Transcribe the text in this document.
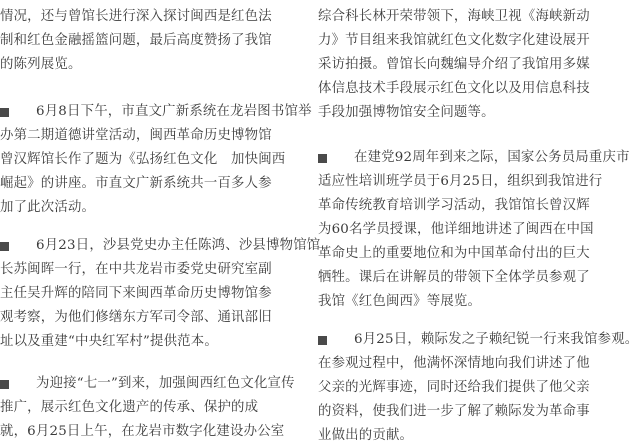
情况，还与曾馆长进行深入探讨闽西是红色法
制和红色金融摇篮问题，最后高度赞扬了我馆
的陈列展览。
6月8日下午，市直文广新系统在龙岩图书馆举
办第二期道德讲堂活动，闽西革命历史博物馆
曾汉辉馆长作了题为《弘扬红色文化　加快闽西
崛起》的讲座。市直文广新系统共一百多人参
加了此次活动。
6月23日，沙县党史办主任陈鸿、沙县博物馆馆
长苏闽晖一行，在中共龙岩市委党史研究室副
主任吴升辉的陪同下来闽西革命历史博物馆参
观考察，为他们修缮东方军司令部、通讯部旧
址以及重建“中央红军村”提供范本。
为迎接“七一”到来，加强闽西红色文化宣传
推广，展示红色文化遗产的传承、保护的成
就，6月25日上午，在龙岩市数字化建设办公室
综合科长林开荣带领下，海峡卫视《海峡新动
力》节目组来我馆就红色文化数字化建设展开
采访拍摄。曾馆长向魏编导介绍了我馆用多媒
体信息技术手段展示红色文化以及用信息科技
手段加强博物馆安全问题等。
在建党92周年到来之际，国家公务员局重庆市
适应性培训班学员于6月25日，组织到我馆进行
革命传统教育培训学习活动，我馆馆长曾汉辉
为60名学员授课，他详细地讲述了闽西在中国
革命史上的重要地位和为中国革命付出的巨大
牺牲。课后在讲解员的带领下全体学员参观了
我馆《红色闽西》等展览。
6月25日，赖际发之子赖纪锐一行来我馆参观。
在参观过程中，他满怀深情地向我们讲述了他
父亲的光辉事迹，同时还给我们提供了他父亲
的资料，使我们进一步了解了赖际发为革命事
业做出的贡献。
